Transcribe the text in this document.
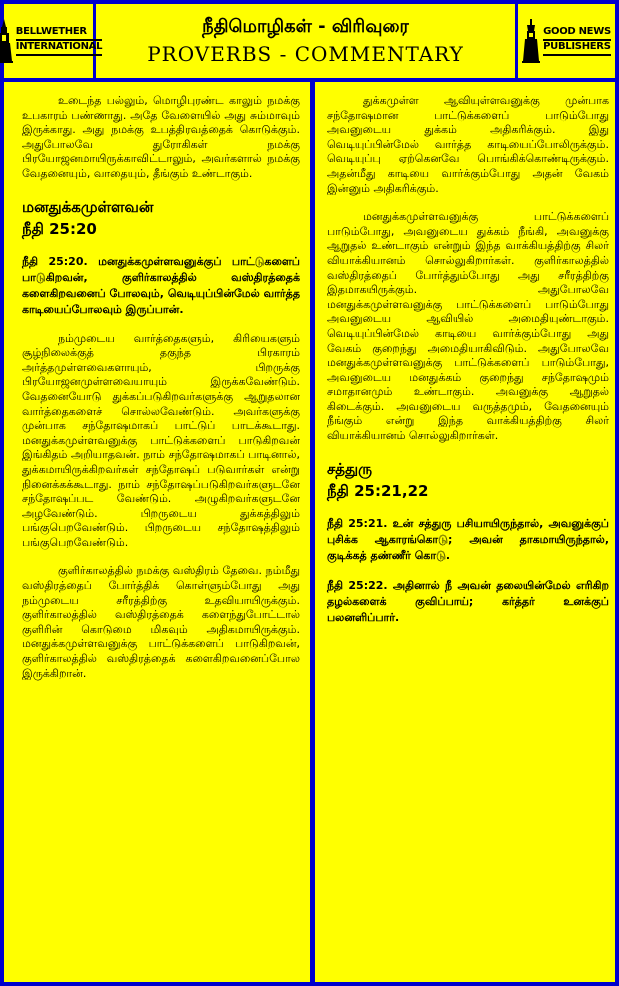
BELLWETHER
INTERNATIONAL
நீதிமொழிகள் - விரிவுரை
PROVERBS - COMMENTARY
GOOD NEWS
PUBLISHERS

உடைந்த பல்லும், மொழிபுரண்ட காலும் நமக்கு உபகாரம் பண்ணாது. அதே வேளையில் அது சும்மாவும் இருக்காது. அது நமக்கு உபத்திரவத்தைக் கொடுக்கும். அதுபோலவே துரோகிகள் நமக்கு பிரயோஜனமாயிருக்காவிட்டாலும், அவர்களால் நமக்கு வேதனையும், வாதையும், தீங்கும் உண்டாகும்.

மனதுக்கமுள்ளவன்
நீதி 25:20

நீதி 25:20. மனதுக்கமுள்ளவனுக்குப் பாட்டுகளைப் பாடுகிறவன், குளிர்காலத்தில் வஸ்திரத்தைக் களைகிறவனைப் போலவும், வெடியுப்பின்மேல் வார்த்த காடியைப்போலவும் இருப்பான்.

நம்முடைய வார்த்தைகளும், கிரியைகளும் சூழ்நிலைக்குத் தகுந்த பிரகாரம் அர்த்தமுள்ளவைகளாயும், பிறருக்கு பிரயோஜனமுள்ளவையாயும் இருக்கவேண்டும். வேதனையோடு துக்கப்படுகிறவர்களுக்கு ஆறுதலான வார்த்தைகளைச் சொல்லவேண்டும். அவர்களுக்கு முன்பாக சந்தோஷமாகப் பாட்டுப் பாடக்கூடாது. மனதுக்கமுள்ளவனுக்கு பாட்டுக்களைப் பாடுகிறவன் இங்கிதம் அறியாதவன். நாம் சந்தோஷமாகப் பாடினால், துக்கமாயிருக்கிறவர்கள் சந்தோஷப் படுவார்கள் என்று நினைக்கக்கூடாது. நாம் சந்தோஷப்படுகிறவர்களுடனே சந்தோஷப்பட வேண்டும். அழுகிறவர்களுடனே அழவேண்டும். பிறருடைய துக்கத்திலும் பங்குபெறவேண்டும். பிறருடைய சந்தோஷத்திலும் பங்குபெறவேண்டும்.

குளிர்காலத்தில் நமக்கு வஸ்திரம் தேவை. நம்மீது வஸ்திரத்தைப் போர்த்திக் கொள்ளும்போது அது நம்முடைய சரீரத்திற்கு உதவியாயிருக்கும். குளிர்காலத்தில் வஸ்திரத்தைக் களைந்துபோட்டால் குளிரின் கொடுமை மிகவும் அதிகமாயிருக்கும். மனதுக்கமுள்ளவனுக்கு பாட்டுக்களைப் பாடுகிறவன், குளிர்காலத்தில் வஸ்திரத்தைக் களைகிறவனைப்போல இருக்கிறான்.

துக்கமுள்ள ஆவியுள்ளவனுக்கு முன்பாக சந்தோஷமான பாட்டுக்களைப் பாடும்போது அவனுடைய துக்கம் அதிகரிக்கும். இது வெடியுப்பின்மேல் வார்த்த காடியைப்போலிருக்கும். வெடியுப்பு ஏற்கெனவே பொங்கிக்கொண்டிருக்கும். அதன்மீது காடியை வார்க்கும்போது அதன் வேகம் இன்னும் அதிகரிக்கும்.

மனதுக்கமுள்ளவனுக்கு பாட்டுக்களைப் பாடும்போது, அவனுடைய துக்கம் நீங்கி, அவனுக்கு ஆறுதல் உண்டாகும் என்றும் இந்த வாக்கியத்திற்கு சிலர் வியாக்கியானம் சொல்லுகிறார்கள். குளிர்காலத்தில் வஸ்திரத்தைப் போர்த்தும்போது அது சரீரத்திற்கு இதமாகயிருக்கும். அதுபோலவே மனதுக்கமுள்ளவனுக்கு பாட்டுக்களைப் பாடும்போது அவனுடைய ஆவியில் அமைதியுண்டாகும். வெடியுப்பின்மேல் காடியை வார்க்கும்போது அது வேகம் குறைந்து அமைதியாகிவிடும். அதுபோலவே மனதுக்கமுள்ளவனுக்கு பாட்டுக்களைப் பாடும்போது, அவனுடைய மனதுக்கம் குறைந்து சந்தோஷமும் சமாதானமும் உண்டாகும். அவனுக்கு ஆறுதல் கிடைக்கும். அவனுடைய வருத்தமும், வேதனையும் நீங்கும் என்று இந்த வாக்கியத்திற்கு சிலர் வியாக்கியானம் சொல்லுகிறார்கள்.

சத்துரு
நீதி 25:21,22

நீதி 25:21. உன் சத்துரு பசியாயிருந்தால், அவனுக்குப் புசிக்க ஆகாரங்கொடு; அவன் தாகமாயிருந்தால், குடிக்கத் தண்ணீர் கொடு.

நீதி 25:22. அதினால் நீ அவன் தலையின்மேல் எரிகிற தழல்களைக் குவிப்பாய்; கர்த்தர் உனக்குப் பலனளிப்பார்.
